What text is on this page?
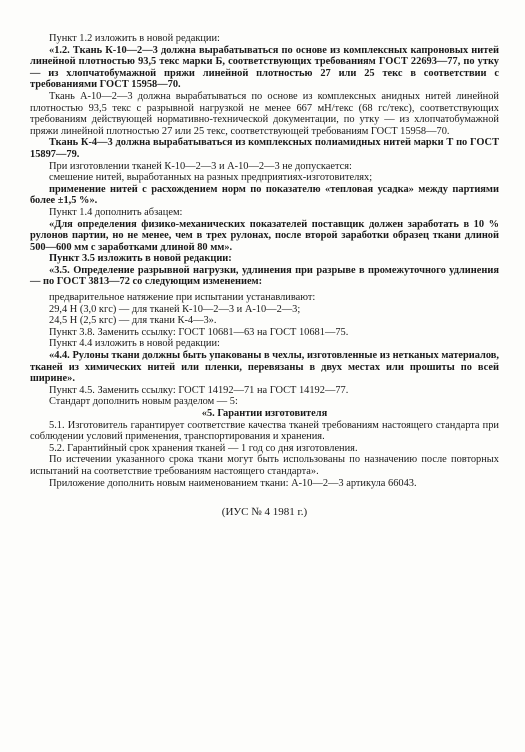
Пункт 1.2 изложить в новой редакции:

«1.2. Ткань К-10—2—3 должна вырабатываться по основе из комплексных капроновых нитей линейной плотностью 93,5 текс марки Б, соответствующих требованиям ГОСТ 22693—77, по утку — из хлопчатобумажной пряжи линейной плотностью 27 или 25 текс в соответствии с требованиями ГОСТ 15958—70.

Ткань А-10—2—3 должна вырабатываться по основе из комплексных анидных нитей линейной плотностью 93,5 текс с разрывной нагрузкой не менее 667 мН/текс (68 гс/текс), соответствующих требованиям действующей нормативно-технической документации, по утку — из хлопчатобумажной пряжи линейной плотностью 27 или 25 текс, соответствующей требованиям ГОСТ 15958—70.

Ткань К-4—3 должна вырабатываться из комплексных полиамидных нитей марки Т по ГОСТ 15897—79.

При изготовлении тканей К-10—2—3 и А-10—2—3 не допускается:

смешение нитей, выработанных на разных предприятиях-изготовителях;

применение нитей с расхождением норм по показателю «тепловая усадка» между партиями более ±1,5 %».

Пункт 1.4 дополнить абзацем:

«Для определения физико-механических показателей поставщик должен заработать в 10 % рулонов партии, но не менее, чем в трех рулонах, после второй заработки образец ткани длиной 500—600 мм с заработками длиной 80 мм».

Пункт 3.5 изложить в новой редакции:

«3.5. Определение разрывной нагрузки, удлинения при разрыве в промежуточного удлинения — по ГОСТ 3813—72 со следующим изменением:

предварительное натяжение при испытании устанавливают:

29,4 Н (3,0 кгс) — для тканей К-10—2—3 и А-10—2—3;

24,5 Н (2,5 кгс) — для ткани К-4—3».

Пункт 3.8. Заменить ссылку: ГОСТ 10681—63 на ГОСТ 10681—75.

Пункт 4.4 изложить в новой редакции:

«4.4. Рулоны ткани должны быть упакованы в чехлы, изготовленные из нетканых материалов, тканей из химических нитей или пленки, перевязаны в двух местах или прошиты по всей ширине».

Пункт 4.5. Заменить ссылку: ГОСТ 14192—71 на ГОСТ 14192—77.

Стандарт дополнить новым разделом — 5:

«5. Гарантии изготовителя

5.1. Изготовитель гарантирует соответствие качества тканей требованиям настоящего стандарта при соблюдении условий применения, транспортирования и хранения.

5.2. Гарантийный срок хранения тканей — 1 год со дня изготовления.

По истечении указанного срока ткани могут быть использованы по назначению после повторных испытаний на соответствие требованиям настоящего стандарта».

Приложение дополнить новым наименованием ткани: А-10—2—3 артикула 66043.

(ИУС № 4 1981 г.)
